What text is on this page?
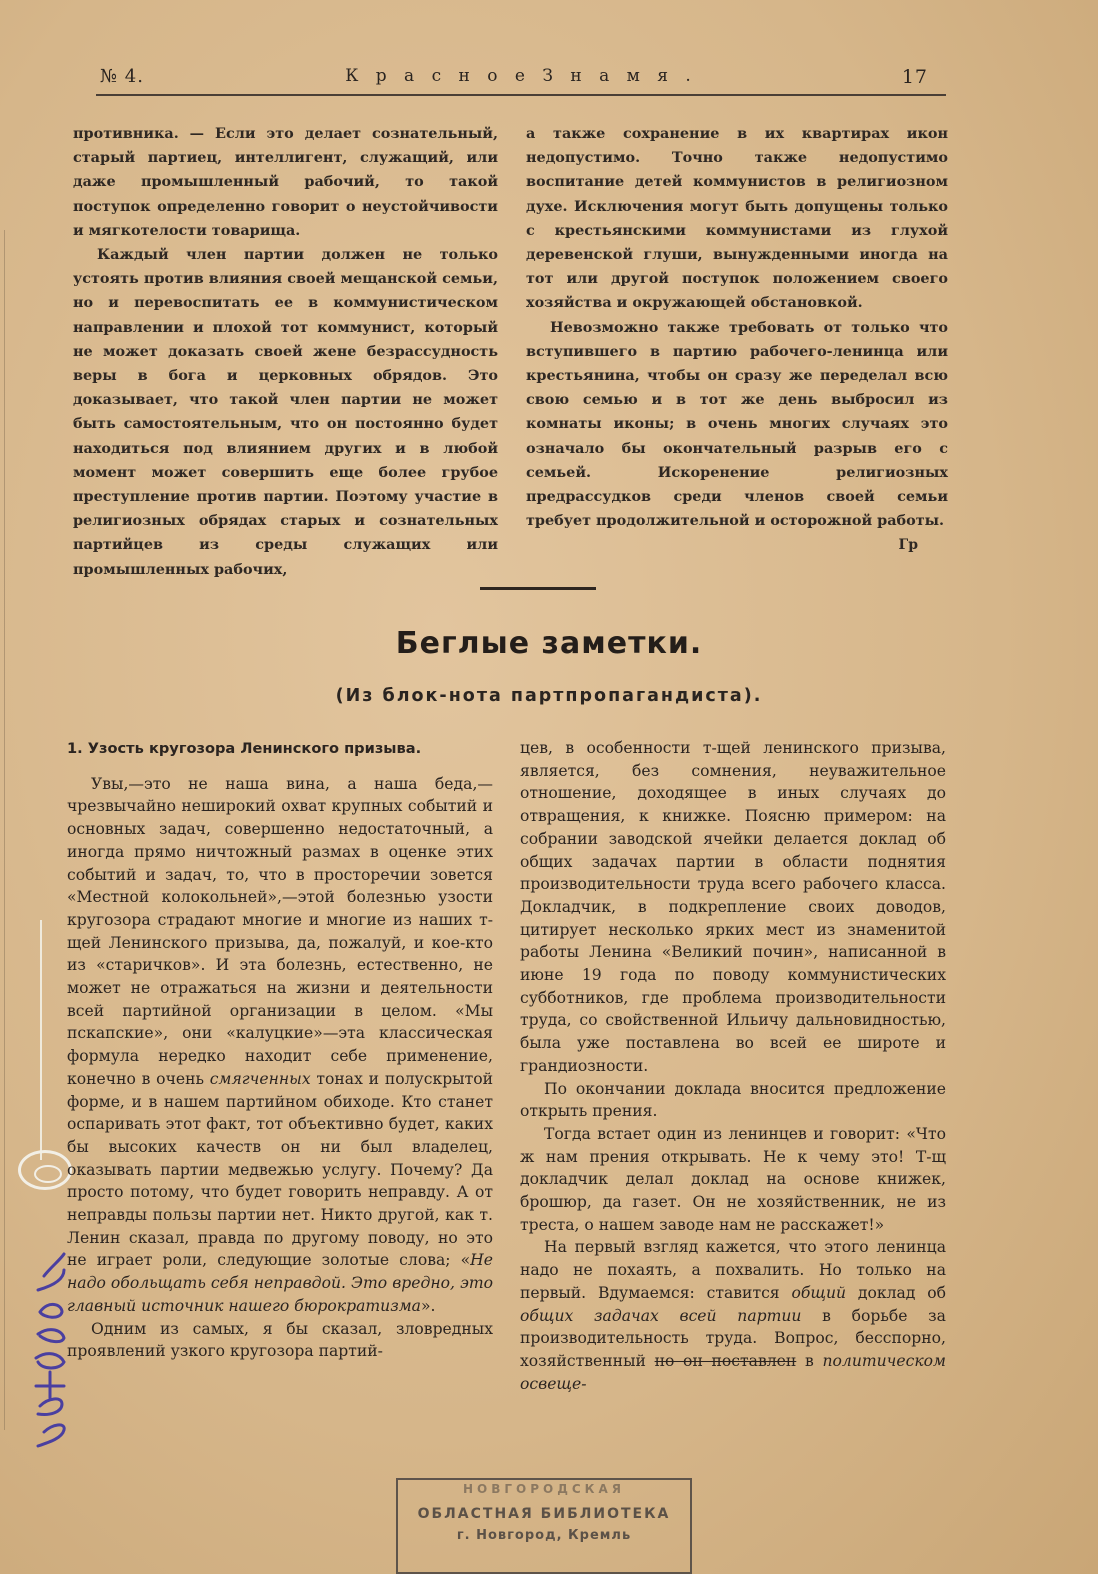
№ 4.	К р а с н о е З н а м я .	17

противника. — Если это делает сознательный, старый партиец, интеллигент, служащий, или даже промышленный рабочий, то такой поступок определенно говорит о неустойчивости и мягкотелости товарища.

Каждый член партии должен не только устоять против влияния своей мещанской семьи, но и перевоспитать ее в коммунистическом направлении и плохой тот коммунист, который не может доказать своей жене безрассудность веры в бога и церковных обрядов. Это доказывает, что такой член партии не может быть самостоятельным, что он постоянно будет находиться под влиянием других и в любой момент может совершить еще более грубое преступление против партии. Поэтому участие в религиозных обрядах старых и сознательных партийцев из среды служащих или промышленных рабочих,

а также сохранение в их квартирах икон недопустимо. Точно также недопустимо воспитание детей коммунистов в религиозном духе. Исключения могут быть допущены только с крестьянскими коммунистами из глухой деревенской глуши, вынужденными иногда на тот или другой поступок положением своего хозяйства и окружающей обстановкой.

Невозможно также требовать от только что вступившего в партию рабочего-ленинца или крестьянина, чтобы он сразу же переделал всю свою семью и в тот же день выбросил из комнаты иконы; в очень многих случаях это означало бы окончательный разрыв его с семьей. Искоренение религиозных предрассудков среди членов своей семьи требует продолжительной и осторожной работы.

Гр

Беглые заметки.
(Из блок-нота партпропагандиста).

1. Узость кругозора Ленинского призыва.

Увы,—это не наша вина, а наша беда,—чрезвычайно неширокий охват крупных событий и основных задач, совершенно недостаточный, а иногда прямо ничтожный размах в оценке этих событий и задач, то, что в просторечии зовется «Местной колокольней»,—этой болезнью узости кругозора страдают многие и многие из наших т-щей Ленинского призыва, да, пожалуй, и кое-кто из «старичков». И эта болезнь, естественно, не может не отражаться на жизни и деятельности всей партийной организации в целом. «Мы пскапские», они «калуцкие»—эта классическая формула нередко находит себе применение, конечно в очень смягченных тонах и полускрытой форме, и в нашем партийном обиходе. Кто станет оспаривать этот факт, тот объективно будет, каких бы высоких качеств он ни был владелец, оказывать партии медвежью услугу. Почему? Да просто потому, что будет говорить неправду. А от неправды пользы партии нет. Никто другой, как т. Ленин сказал, правда по другому поводу, но это не играет роли, следующие золотые слова; «Не надо обольщать себя неправдой. Это вредно, это главный источник нашего бюрократизма».

Одним из самых, я бы сказал, зловредных проявлений узкого кругозора партий-

цев, в особенности т-щей ленинского призыва, является, без сомнения, неуважительное отношение, доходящее в иных случаях до отвращения, к книжке. Поясню примером: на собрании заводской ячейки делается доклад об общих задачах партии в области поднятия производительности труда всего рабочего класса. Докладчик, в подкрепление своих доводов, цитирует несколько ярких мест из знаменитой работы Ленина «Великий почин», написанной в июне 19 года по поводу коммунистических субботников, где проблема производительности труда, со свойственной Ильичу дальновидностью, была уже поставлена во всей ее широте и грандиозности.

По окончании доклада вносится предложение открыть прения.

Тогда встает один из ленинцев и говорит: «Что ж нам прения открывать. Не к чему это! Т-щ докладчик делал доклад на основе книжек, брошюр, да газет. Он не хозяйственник, не из треста, о нашем заводе нам не расскажет!»

На первый взгляд кажется, что этого ленинца надо не похаять, а похвалить. Но только на первый. Вдумаемся: ставится общий доклад об общих задачах всей партии в борьбе за производительность труда. Вопрос, бесспорно, хозяйственный но он поставлен в политическом освеще-

НОВГОРОДСКАЯ
ОБЛАСТНАЯ БИБЛИОТЕКА
г. Новгород, Кремль
